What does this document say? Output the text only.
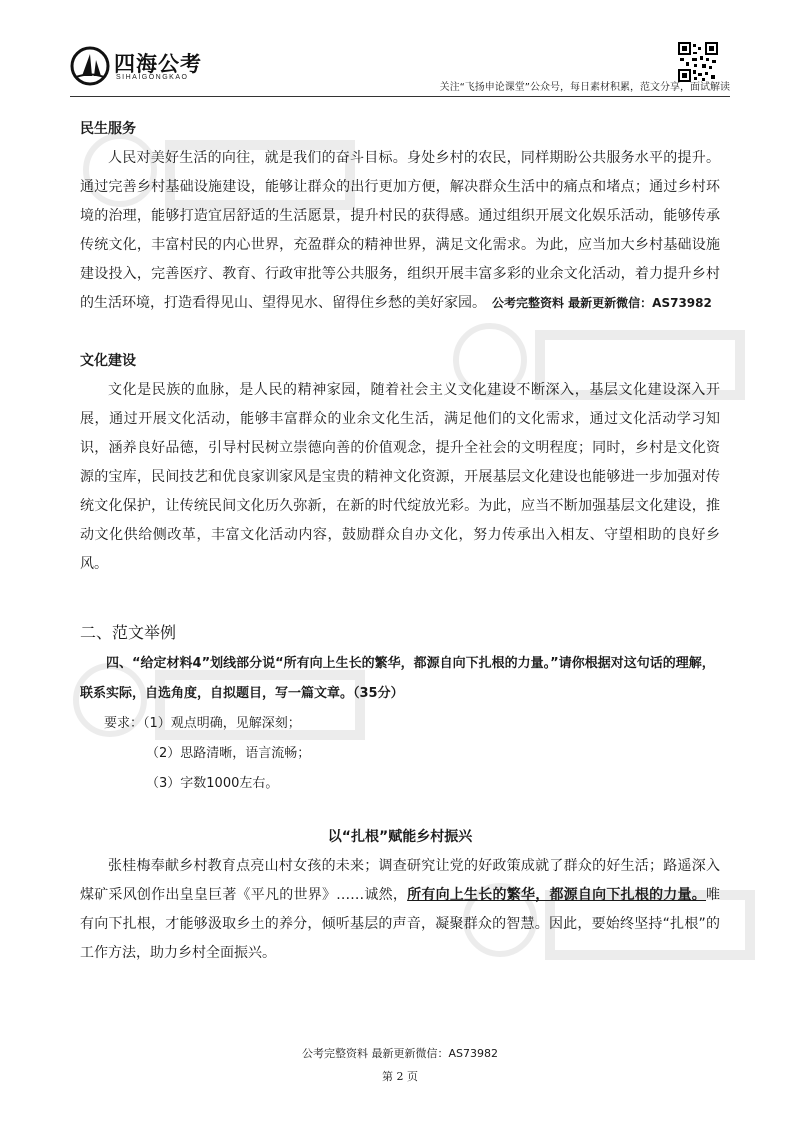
四海公考
SIHAIGONGKAO
关注“飞扬申论课堂”公众号，每日素材积累，范文分享，面试解读

民生服务

人民对美好生活的向往，就是我们的奋斗目标。身处乡村的农民，同样期盼公共服务水平的提升。通过完善乡村基础设施建设，能够让群众的出行更加方便，解决群众生活中的痛点和堵点；通过乡村环境的治理，能够打造宜居舒适的生活愿景，提升村民的获得感。通过组织开展文化娱乐活动，能够传承传统文化，丰富村民的内心世界，充盈群众的精神世界，满足文化需求。为此，应当加大乡村基础设施建设投入，完善医疗、教育、行政审批等公共服务，组织开展丰富多彩的业余文化活动，着力提升乡村的生活环境，打造看得见山、望得见水、留得住乡愁的美好家园。 公考完整资料 最新更新微信：AS73982

文化建设

文化是民族的血脉，是人民的精神家园，随着社会主义文化建设不断深入，基层文化建设深入开展，通过开展文化活动，能够丰富群众的业余文化生活，满足他们的文化需求，通过文化活动学习知识，涵养良好品德，引导村民树立崇德向善的价值观念，提升全社会的文明程度；同时，乡村是文化资源的宝库，民间技艺和优良家训家风是宝贵的精神文化资源，开展基层文化建设也能够进一步加强对传统文化保护，让传统民间文化历久弥新，在新的时代绽放光彩。为此，应当不断加强基层文化建设，推动文化供给侧改革，丰富文化活动内容，鼓励群众自办文化，努力传承出入相友、守望相助的良好乡风。

二、范文举例

四、“给定材料4”划线部分说“所有向上生长的繁华，都源自向下扎根的力量。”请你根据对这句话的理解，联系实际，自选角度，自拟题目，写一篇文章。（35分）

要求：（1）观点明确，见解深刻；

（2）思路清晰，语言流畅；

（3）字数1000左右。

以“扎根”赋能乡村振兴

张桂梅奉献乡村教育点亮山村女孩的未来；调查研究让党的好政策成就了群众的好生活；路遥深入煤矿采风创作出皇皇巨著《平凡的世界》……诚然，所有向上生长的繁华，都源自向下扎根的力量。唯有向下扎根，才能够汲取乡土的养分，倾听基层的声音，凝聚群众的智慧。因此，要始终坚持“扎根”的工作方法，助力乡村全面振兴。

公考完整资料 最新更新微信：AS73982
第 2 页
